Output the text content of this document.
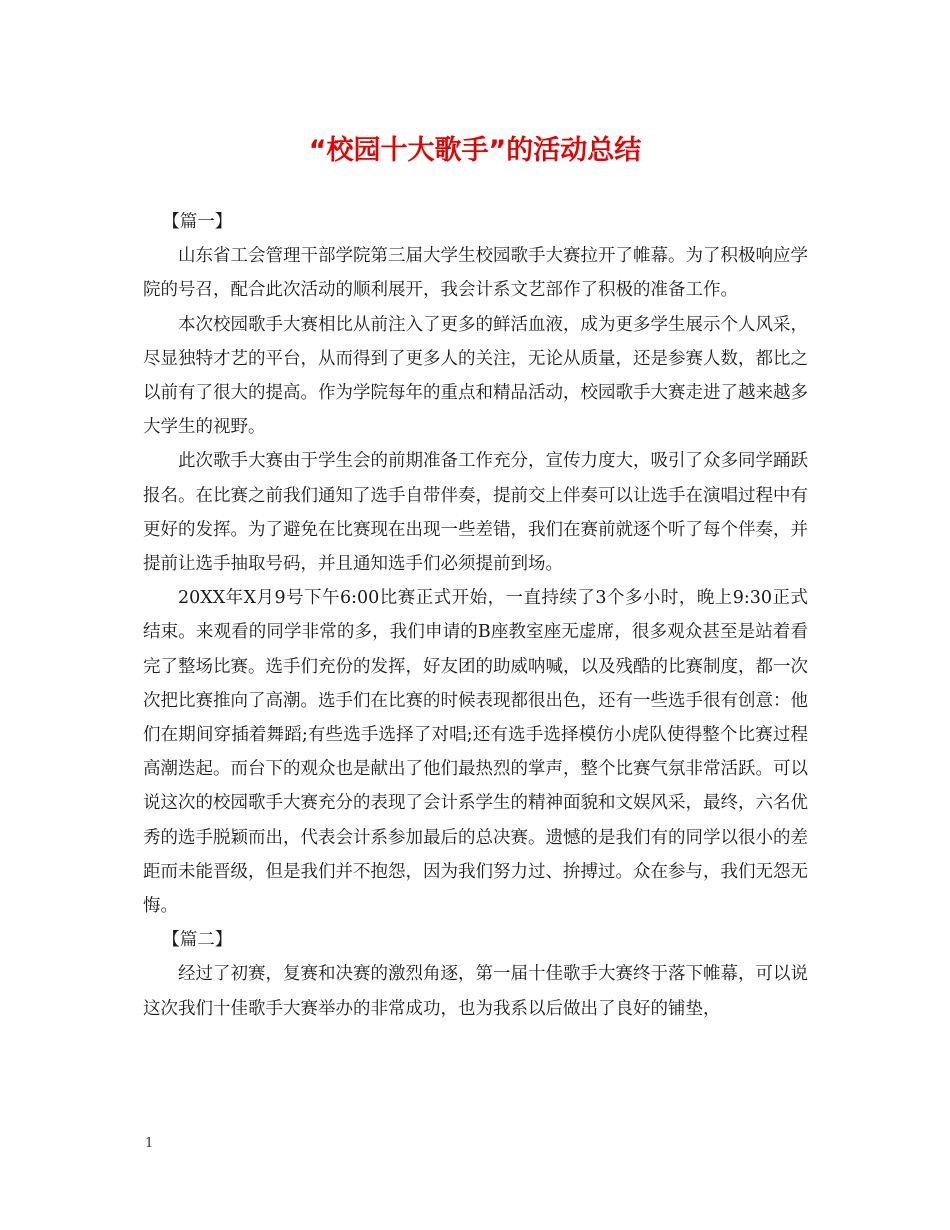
“校园十大歌手”的活动总结
【篇一】

山东省工会管理干部学院第三届大学生校园歌手大赛拉开了帷幕。为了积极响应学院的号召，配合此次活动的顺利展开，我会计系文艺部作了积极的准备工作。

本次校园歌手大赛相比从前注入了更多的鲜活血液，成为更多学生展示个人风采，尽显独特才艺的平台，从而得到了更多人的关注，无论从质量，还是参赛人数，都比之以前有了很大的提高。作为学院每年的重点和精品活动，校园歌手大赛走进了越来越多大学生的视野。

此次歌手大赛由于学生会的前期准备工作充分，宣传力度大，吸引了众多同学踊跃报名。在比赛之前我们通知了选手自带伴奏，提前交上伴奏可以让选手在演唱过程中有更好的发挥。为了避免在比赛现在出现一些差错，我们在赛前就逐个听了每个伴奏，并提前让选手抽取号码，并且通知选手们必须提前到场。

20XX年X月9号下午6:00比赛正式开始，一直持续了3个多小时，晚上9:30正式结束。来观看的同学非常的多，我们申请的B座教室座无虚席，很多观众甚至是站着看完了整场比赛。选手们充份的发挥，好友团的助威呐喊，以及残酷的比赛制度，都一次次把比赛推向了高潮。选手们在比赛的时候表现都很出色，还有一些选手很有创意：他们在期间穿插着舞蹈;有些选手选择了对唱;还有选手选择模仿小虎队使得整个比赛过程高潮迭起。而台下的观众也是献出了他们最热烈的掌声，整个比赛气氛非常活跃。可以说这次的校园歌手大赛充分的表现了会计系学生的精神面貌和文娱风采，最终，六名优秀的选手脱颖而出，代表会计系参加最后的总决赛。遗憾的是我们有的同学以很小的差距而未能晋级，但是我们并不抱怨，因为我们努力过、拚搏过。众在参与，我们无怨无悔。

【篇二】

经过了初赛，复赛和决赛的激烈角逐，第一届十佳歌手大赛终于落下帷幕，可以说这次我们十佳歌手大赛举办的非常成功，也为我系以后做出了良好的铺垫，

1
